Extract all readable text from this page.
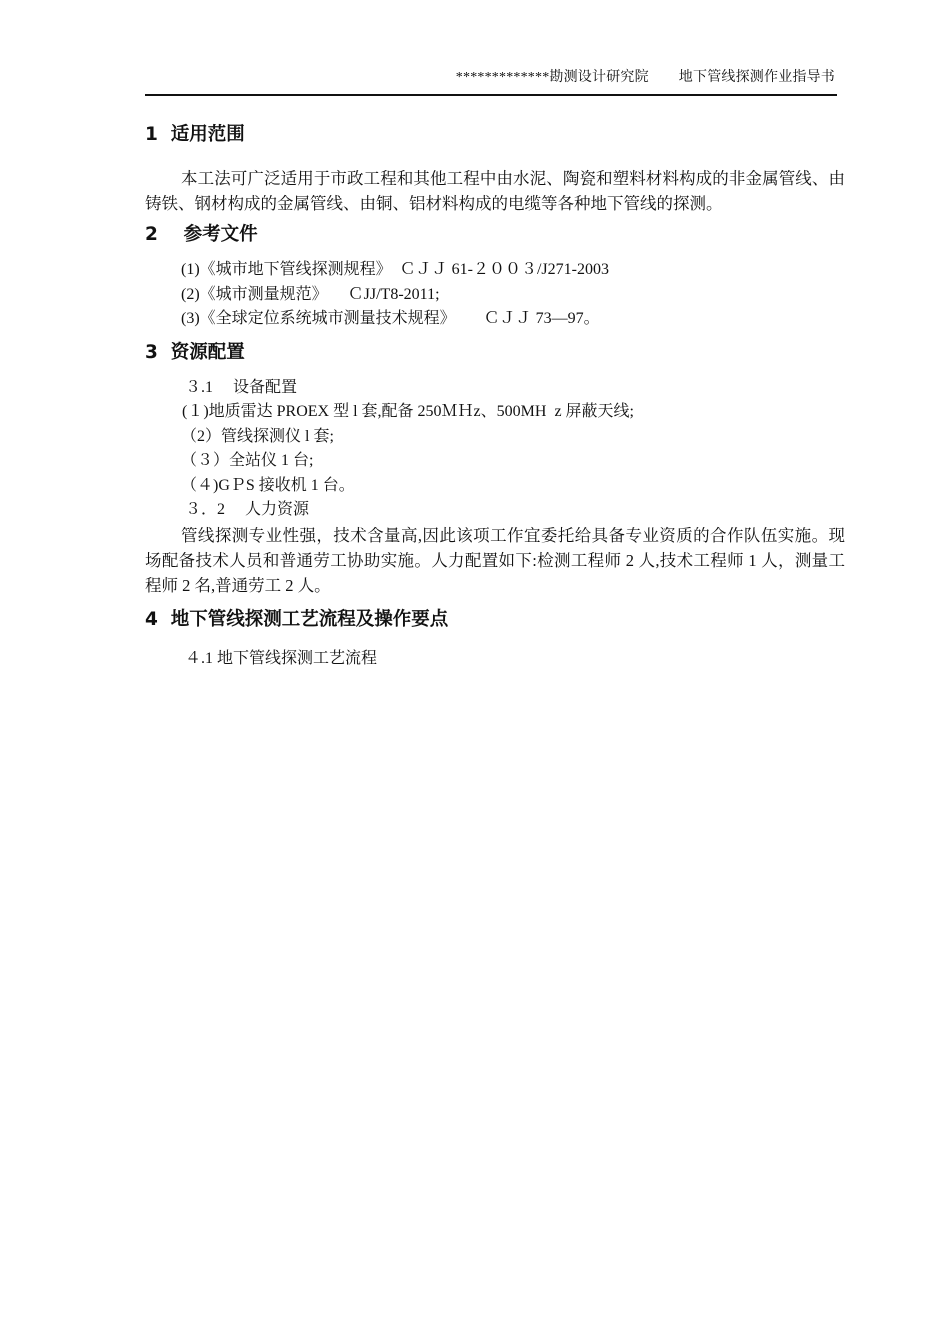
*************勘测设计研究院 地下管线探测作业指导书
1  适用范围

本工法可广泛适用于市政工程和其他工程中由水泥、陶瓷和塑料材料构成的非金属管线、由铸铁、钢材构成的金属管线、由铜、铝材料构成的电缆等各种地下管线的探测。

2    参考文件

(1)《城市地下管线探测规程》  ＣＪＪ 61-２００３/J271-2003

(2)《城市测量规范》     ＣJJ/T8-2011;

(3)《全球定位系统城市测量技术规程》       ＣＪＪ 73—97。

3  资源配置

３.1     设备配置

(１)地质雷达 PROEX 型 l 套,配备 250ＭＨz、500MH  z 屏蔽天线;

（2）管线探测仪 l 套;

（３）全站仪 1 台;

（４)GＰS 接收机 1 台。

３．2     人力资源

管线探测专业性强，技术含量高,因此该项工作宜委托给具备专业资质的合作队伍实施。现场配备技术人员和普通劳工协助实施。人力配置如下:检测工程师 2 人,技术工程师 1 人，测量工程师 2 名,普通劳工 2 人。

4  地下管线探测工艺流程及操作要点

４.1 地下管线探测工艺流程
